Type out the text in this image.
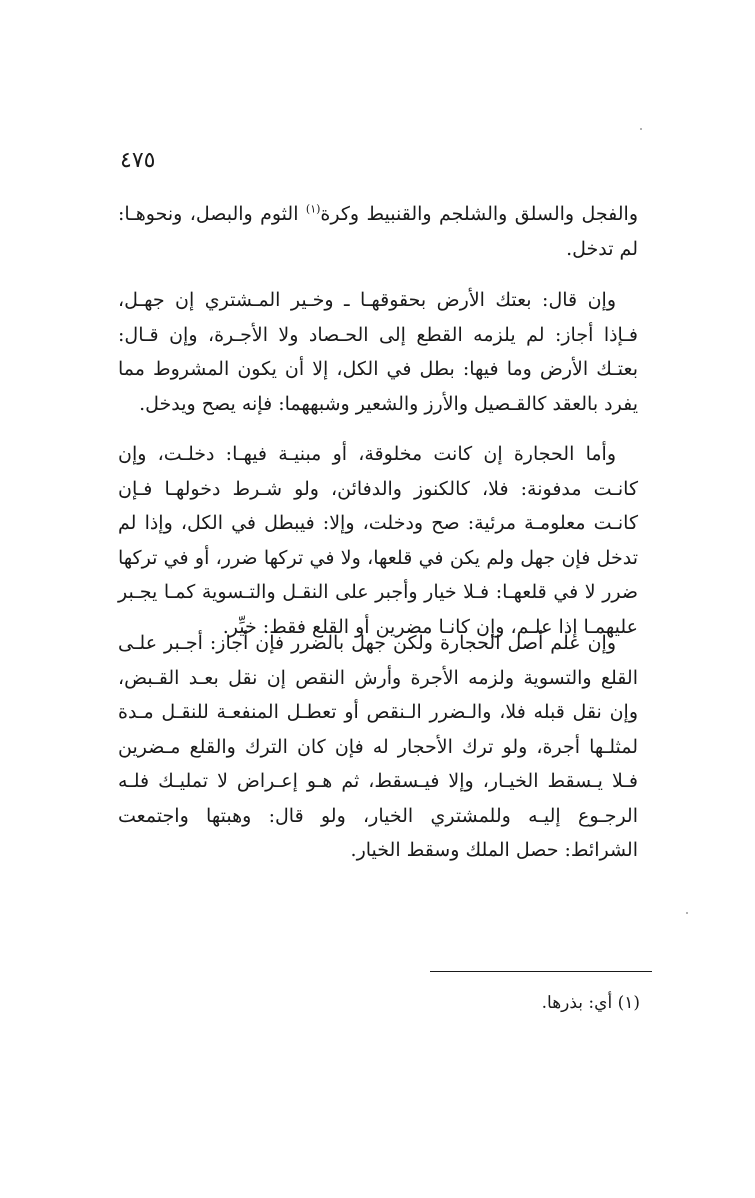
٤٧٥

والفجل والسلق والشلجم والقنبيط وكرة$^{(١)}$ الثوم والبصل، ونحوهـا: لم تدخل.

وإن قال: بعتك الأرض بحقوقهـا ـ وخـير المـشتري إن جهـل، فـإذا أجاز: لم يلزمه القطع إلى الحـصاد ولا الأجـرة، وإن قـال: بعتـك الأرض وما فيها: بطل في الكل، إلا أن يكون المشروط مما يفرد بالعقد كالقـصيل والأرز والشعير وشبههما: فإنه يصح ويدخل.

وأما الحجارة إن كانت مخلوقة، أو مبنيـة فيهـا: دخلـت، وإن كانـت مدفونة: فلا، كالكنوز والدفائن، ولو شـرط دخولهـا فـإن كانـت معلومـة مرئية: صح ودخلت، وإلا: فيبطل في الكل، وإذا لم تدخل فإن جهل ولم يكن في قلعها، ولا في تركها ضرر، أو في تركها ضرر لا في قلعهـا: فـلا خيار وأجبر على النقـل والتـسوية كمـا يجـبر عليهمـا إذا علـم، وإن كانـا مضرين أو القلع فقط: خيِّر.

وإن علم أصل الحجارة ولكن جهل بالضرر فإن أجاز: أجـبر علـى القلع والتسوية ولزمه الأجرة وأرش النقص إن نقل بعـد القـبض، وإن نقل قبله فلا، والـضرر الـنقص أو تعطـل المنفعـة للنقـل مـدة لمثلـها أجرة، ولو ترك الأحجار له فإن كان الترك والقلع مـضرين فـلا يـسقط الخيـار، وإلا فيـسقط، ثم هـو إعـراض لا تمليـك فلـه الرجـوع إليـه وللمشتري الخيار، ولو قال: وهبتها واجتمعت الشرائط: حصل الملك وسقط الخيار.

(١) أي: بذرها.
